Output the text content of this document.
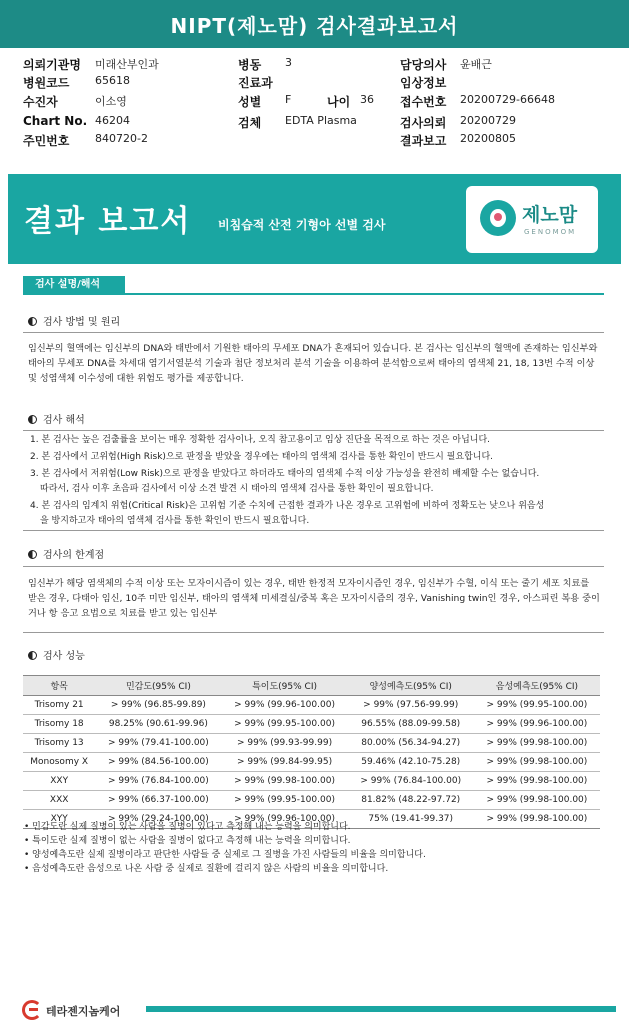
NIPT(제노맘) 검사결과보고서
의뢰기관명 미래산부인과	병동 3	담당의사 윤배근
병원코드 65618	진료과	임상정보
수진자	이소영	성별 F	나이 36 접수번호 20200729-66648
Chart No. 46204	검체 EDTA Plasma	검사의뢰 20200729
주민번호 840720-2	결과보고 20200805
결과 보고서 비침습적 산전 기형아 선별 검사	제노맘
GENOMOM
검사 설명/해석
검사 방법 및 원리
임신부의 혈액에는 임신부의 DNA와 태반에서 기원한 태아의 무세포 DNA가 혼재되어 있습니다. 본 검사는 임신부의 혈액에 존재하는 임신부와 태아의 무세포 DNA를 차세대 염기서열분석 기술과 첨단 정보처리 분석 기술을 이용하여 분석함으로써 태아의 염색체 21, 18, 13번 수적 이상 및 성염색체 이수성에 대한 위험도 평가를 제공합니다.
검사 해석
1. 본 검사는 높은 검출률을 보이는 매우 정확한 검사이나, 오직 참고용이고 임상 진단을 목적으로 하는 것은 아닙니다.
2. 본 검사에서 고위험(High Risk)으로 판정을 받았을 경우에는 태아의 염색체 검사를 통한 확인이 반드시 필요합니다.
3. 본 검사에서 저위험(Low Risk)으로 판정을 받았다고 하더라도 태아의 염색체 수적 이상 가능성을 완전히 배제할 수는 없습니다.
따라서, 검사 이후 초음파 검사에서 이상 소견 발견 시 태아의 염색체 검사를 통한 확인이 필요합니다.
4. 본 검사의 임계치 위험(Critical Risk)은 고위험 기준 수치에 근접한 결과가 나온 경우로 고위험에 비하여 정확도는 낮으나 위음성
을 방지하고자 태아의 염색체 검사를 통한 확인이 반드시 필요합니다.
검사의 한계점
임신부가 해당 염색체의 수적 이상 또는 모자이시즘이 있는 경우, 태반 한정적 모자이시즘인 경우, 임신부가 수혈, 이식 또는 줄기 세포 치료를 받은 경우, 다태아 임신, 10주 미만 임신부, 태아의 염색체 미세결실/중복 혹은 모자이시즘의 경우, Vanishing twin인 경우, 아스피린 복용 중이거나 항 응고 요법으로 치료를 받고 있는 임신부
검사 성능
항목	민감도(95% CI)	특이도(95% CI)	양성예측도(95% CI)	음성예측도(95% CI)
Trisomy 21	> 99% (96.85-99.89)	> 99% (99.96-100.00)	> 99% (97.56-99.99)	> 99% (99.95-100.00)
Trisomy 18	98.25% (90.61-99.96)	> 99% (99.95-100.00)	96.55% (88.09-99.58)	> 99% (99.96-100.00)
Trisomy 13	> 99% (79.41-100.00)	> 99% (99.93-99.99)	80.00% (56.34-94.27)	> 99% (99.98-100.00)
Monosomy X	> 99% (84.56-100.00)	> 99% (99.84-99.95)	59.46% (42.10-75.28)	> 99% (99.98-100.00)
XXY	> 99% (76.84-100.00)	> 99% (99.98-100.00)	> 99% (76.84-100.00)	> 99% (99.98-100.00)
XXX	> 99% (66.37-100.00)	> 99% (99.95-100.00)	81.82% (48.22-97.72)	> 99% (99.98-100.00)
XYY	> 99% (29.24-100.00)	> 99% (99.96-100.00)	75% (19.41-99.37)	> 99% (99.98-100.00)
• 민감도란 실제 질병이 있는 사람을 질병이 있다고 측정해 내는 능력을 의미합니다.
• 특이도란 실제 질병이 없는 사람을 질병이 없다고 측정해 내는 능력을 의미합니다.
• 양성예측도란 실제 질병이라고 판단한 사람들 중 실제로 그 질병을 가진 사람들의 비율을 의미합니다.
• 음성예측도란 음성으로 나온 사람 중 실제로 질환에 걸리지 않은 사람의 비율을 의미합니다.
테라젠지놈케어
